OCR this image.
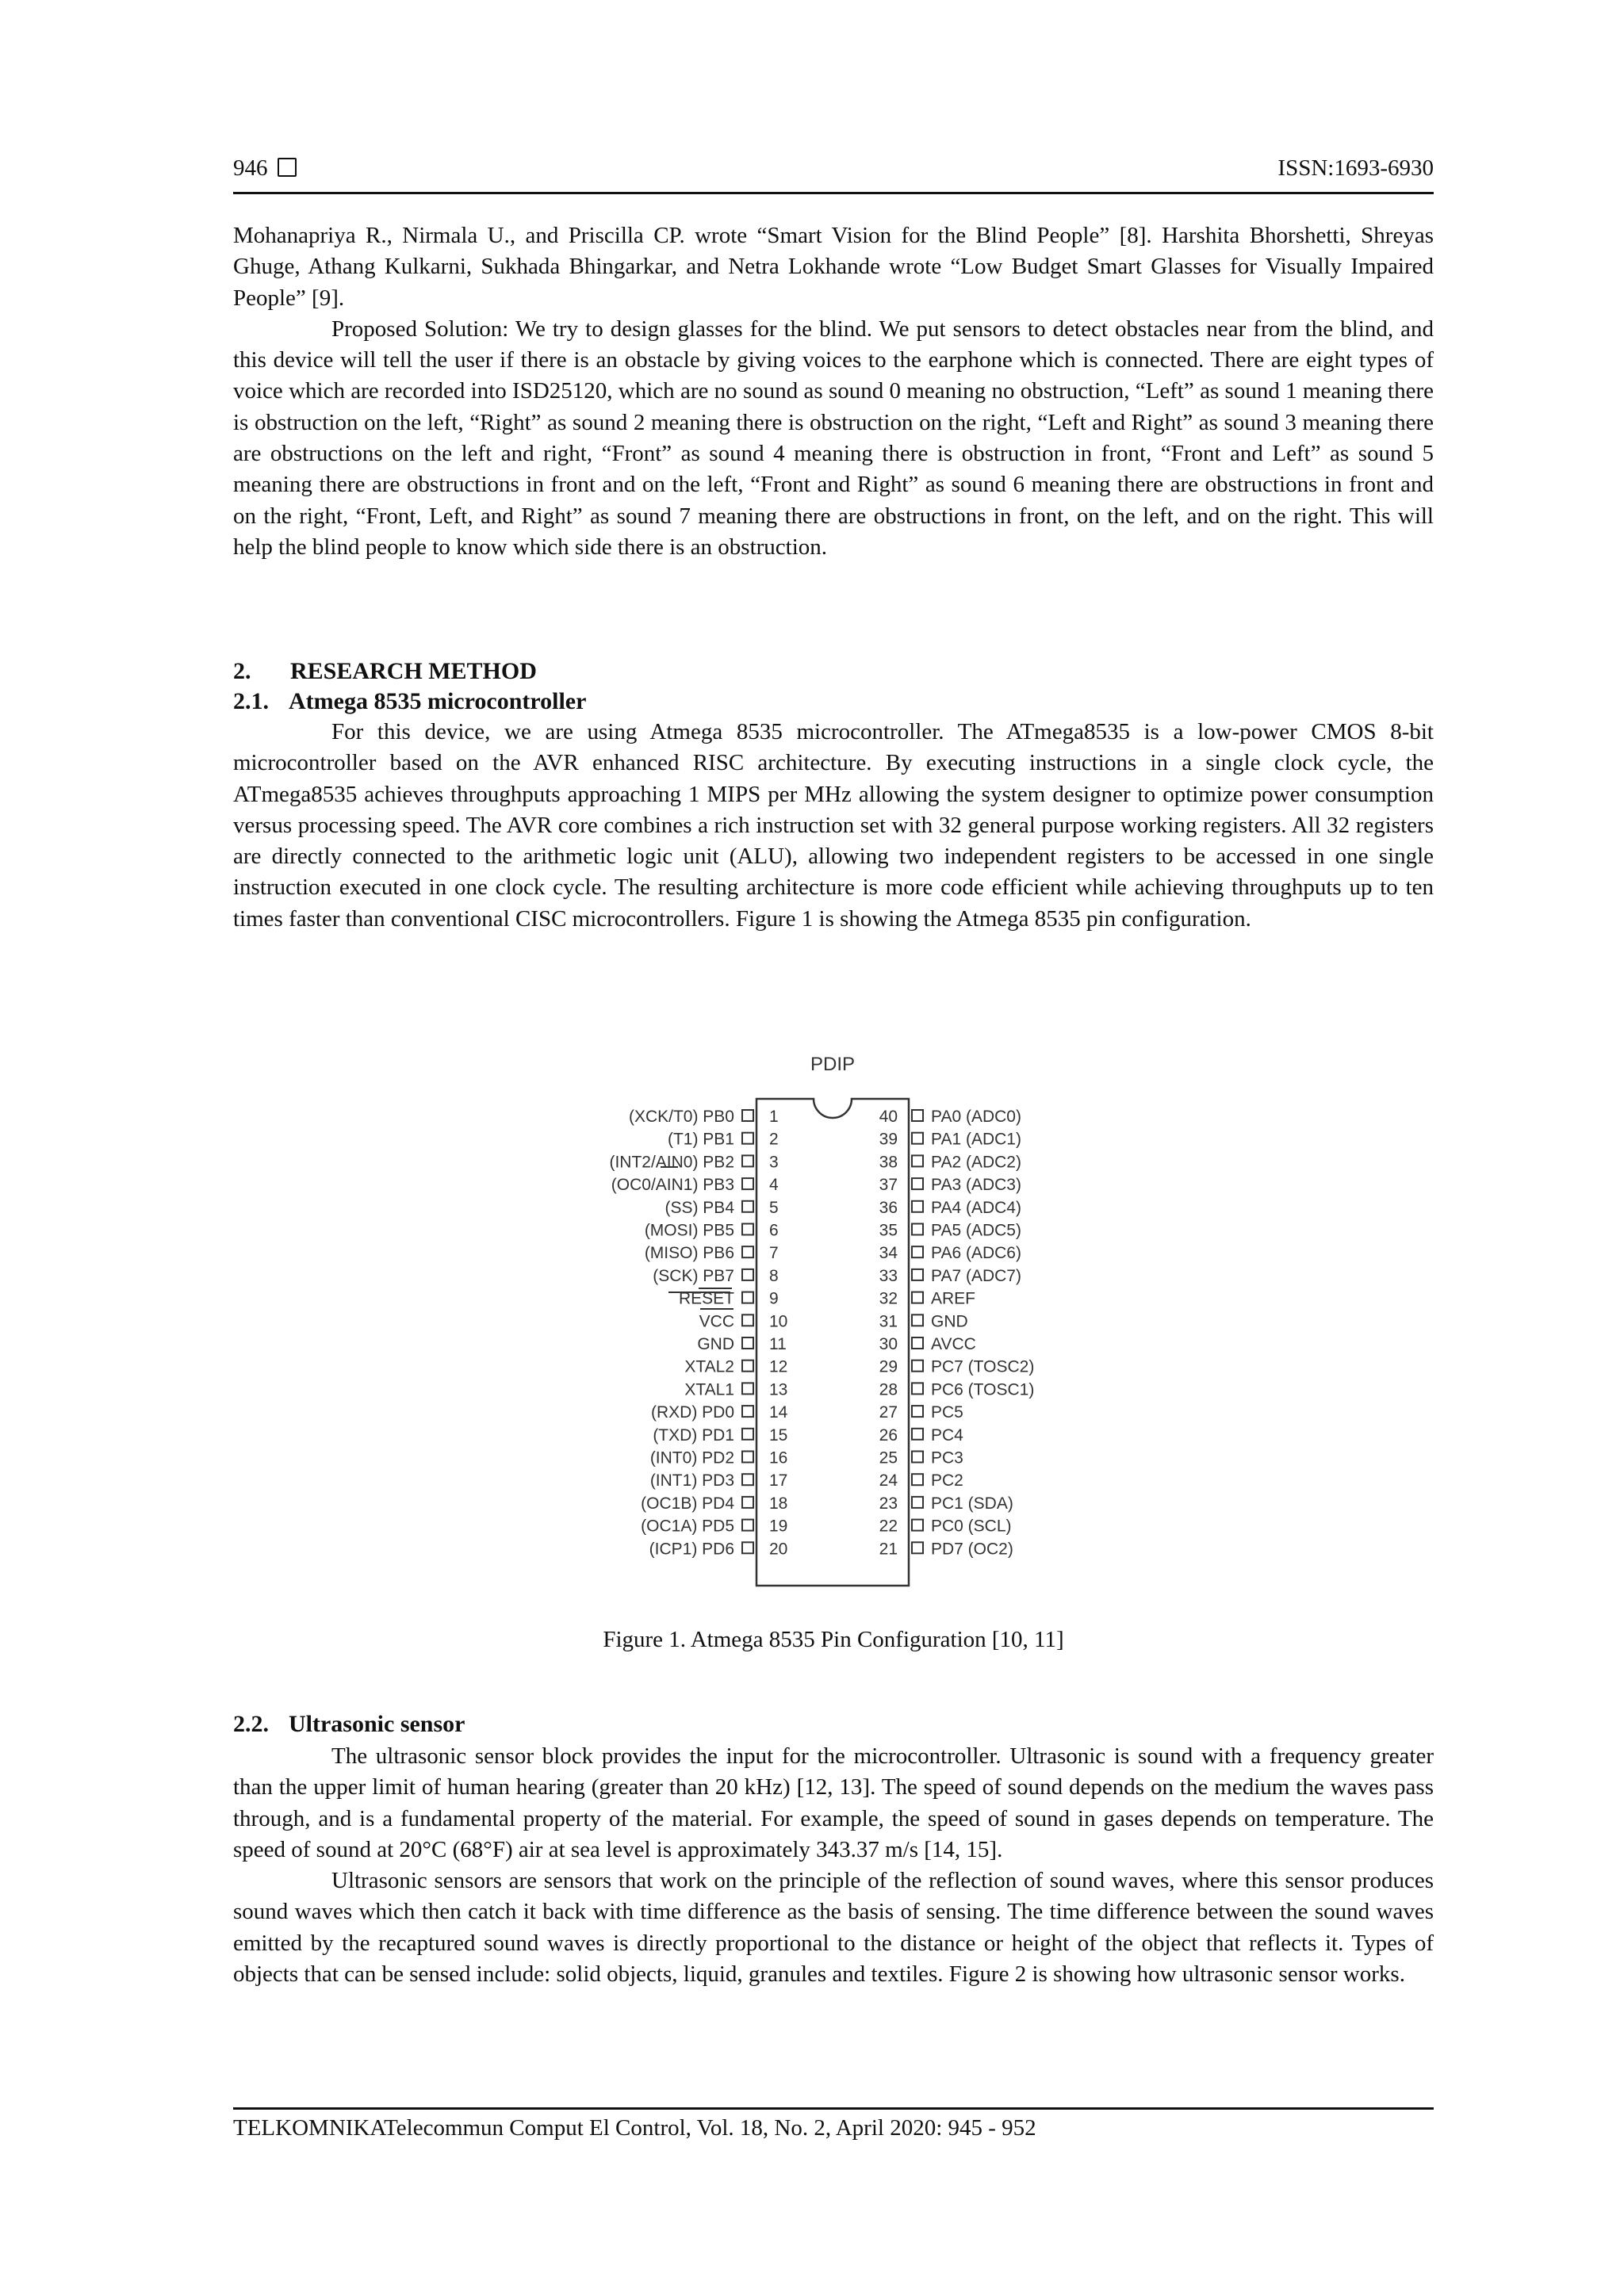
946	ISSN:1693-6930

Mohanapriya R., Nirmala U., and Priscilla CP. wrote “Smart Vision for the Blind People” [8]. Harshita Bhorshetti, Shreyas Ghuge, Athang Kulkarni, Sukhada Bhingarkar, and Netra Lokhande wrote “Low Budget Smart Glasses for Visually Impaired People” [9].

Proposed Solution: We try to design glasses for the blind. We put sensors to detect obstacles near from the blind, and this device will tell the user if there is an obstacle by giving voices to the earphone which is connected. There are eight types of voice which are recorded into ISD25120, which are no sound as sound 0 meaning no obstruction, “Left” as sound 1 meaning there is obstruction on the left, “Right” as sound 2 meaning there is obstruction on the right, “Left and Right” as sound 3 meaning there are obstructions on the left and right, “Front” as sound 4 meaning there is obstruction in front, “Front and Left” as sound 5 meaning there are obstructions in front and on the left, “Front and Right” as sound 6 meaning there are obstructions in front and on the right, “Front, Left, and Right” as sound 7 meaning there are obstructions in front, on the left, and on the right. This will help the blind people to know which side there is an obstruction.

2. RESEARCH METHOD
2.1. Atmega 8535 microcontroller

For this device, we are using Atmega 8535 microcontroller. The ATmega8535 is a low-power CMOS 8-bit microcontroller based on the AVR enhanced RISC architecture. By executing instructions in a single clock cycle, the ATmega8535 achieves throughputs approaching 1 MIPS per MHz allowing the system designer to optimize power consumption versus processing speed. The AVR core combines a rich instruction set with 32 general purpose working registers. All 32 registers are directly connected to the arithmetic logic unit (ALU), allowing two independent registers to be accessed in one single instruction executed in one clock cycle. The resulting architecture is more code efficient while achieving throughputs up to ten times faster than conventional CISC microcontrollers. Figure 1 is showing the Atmega 8535 pin configuration.

PDIP
1
(XCK/T0) PB0
2
(T1) PB1
3
(INT2/AIN0) PB2
4
(OC0/AIN1) PB3
5
(SS) PB4
6
(MOSI) PB5
7
(MISO) PB6
8
(SCK) PB7
9
RESET
10
VCC
11
GND
12
XTAL2
13
XTAL1
14
(RXD) PD0
15
(TXD) PD1
16
(INT0) PD2
17
(INT1) PD3
18
(OC1B) PD4
19
(OC1A) PD5
20
(ICP1) PD6
40 PA0 (ADC0)
39 PA1 (ADC1)
38 PA2 (ADC2)
37 PA3 (ADC3)
36 PA4 (ADC4)
35 PA5 (ADC5)
34 PA6 (ADC6)
33 PA7 (ADC7)
32 AREF
31 GND
30 AVCC
29 PC7 (TOSC2)
28 PC6 (TOSC1)
27 PC5
26 PC4
25 PC3
24 PC2
23 PC1 (SDA)
22 PC0 (SCL)
21 PD7 (OC2)
Figure 1. Atmega 8535 Pin Configuration [10, 11]
2.2. Ultrasonic sensor

The ultrasonic sensor block provides the input for the microcontroller. Ultrasonic is sound with a frequency greater than the upper limit of human hearing (greater than 20 kHz) [12, 13]. The speed of sound depends on the medium the waves pass through, and is a fundamental property of the material. For example, the speed of sound in gases depends on temperature. The speed of sound at 20°C (68°F) air at sea level is approximately 343.37 m/s [14, 15].

Ultrasonic sensors are sensors that work on the principle of the reflection of sound waves, where this sensor produces sound waves which then catch it back with time difference as the basis of sensing. The time difference between the sound waves emitted by the recaptured sound waves is directly proportional to the distance or height of the object that reflects it. Types of objects that can be sensed include: solid objects, liquid, granules and textiles. Figure 2 is showing how ultrasonic sensor works.

TELKOMNIKATelecommun Comput El Control, Vol. 18, No. 2, April 2020: 945 - 952
